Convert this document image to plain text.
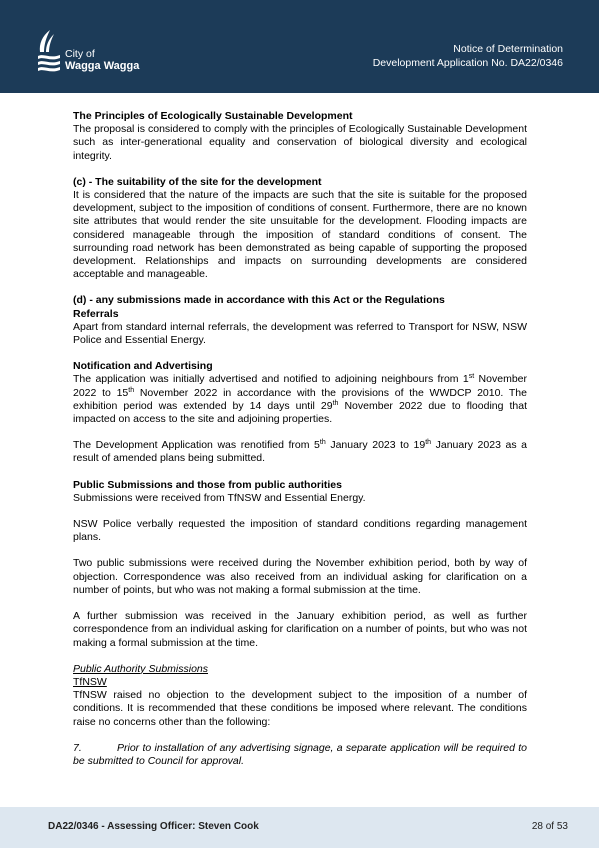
City of
Wagga Wagga
Notice of Determination
Development Application No. DA22/0346

The Principles of Ecologically Sustainable Development

The proposal is considered to comply with the principles of Ecologically Sustainable Development such as inter-generational equality and conservation of biological diversity and ecological integrity.

(c) - The suitability of the site for the development

It is considered that the nature of the impacts are such that the site is suitable for the proposed development, subject to the imposition of conditions of consent. Furthermore, there are no known site attributes that would render the site unsuitable for the development. Flooding impacts are considered manageable through the imposition of standard conditions of consent. The surrounding road network has been demonstrated as being capable of supporting the proposed development. Relationships and impacts on surrounding developments are considered acceptable and manageable.

(d) - any submissions made in accordance with this Act or the Regulations

Referrals

Apart from standard internal referrals, the development was referred to Transport for NSW, NSW Police and Essential Energy.

Notification and Advertising

The application was initially advertised and notified to adjoining neighbours from 1st November 2022 to 15th November 2022 in accordance with the provisions of the WWDCP 2010. The exhibition period was extended by 14 days until 29th November 2022 due to flooding that impacted on access to the site and adjoining properties.

The Development Application was renotified from 5th January 2023 to 19th January 2023 as a result of amended plans being submitted.

Public Submissions and those from public authorities

Submissions were received from TfNSW and Essential Energy.

NSW Police verbally requested the imposition of standard conditions regarding management plans.

Two public submissions were received during the November exhibition period, both by way of objection. Correspondence was also received from an individual asking for clarification on a number of points, but who was not making a formal submission at the time.

A further submission was received in the January exhibition period, as well as further correspondence from an individual asking for clarification on a number of points, but who was not making a formal submission at the time.

Public Authority Submissions

TfNSW

TfNSW raised no objection to the development subject to the imposition of a number of conditions. It is recommended that these conditions be imposed where relevant. The conditions raise no concerns other than the following:

7.	Prior to installation of any advertising signage, a separate application will be required to be submitted to Council for approval.

DA22/0346 - Assessing Officer: Steven Cook	28 of 53
